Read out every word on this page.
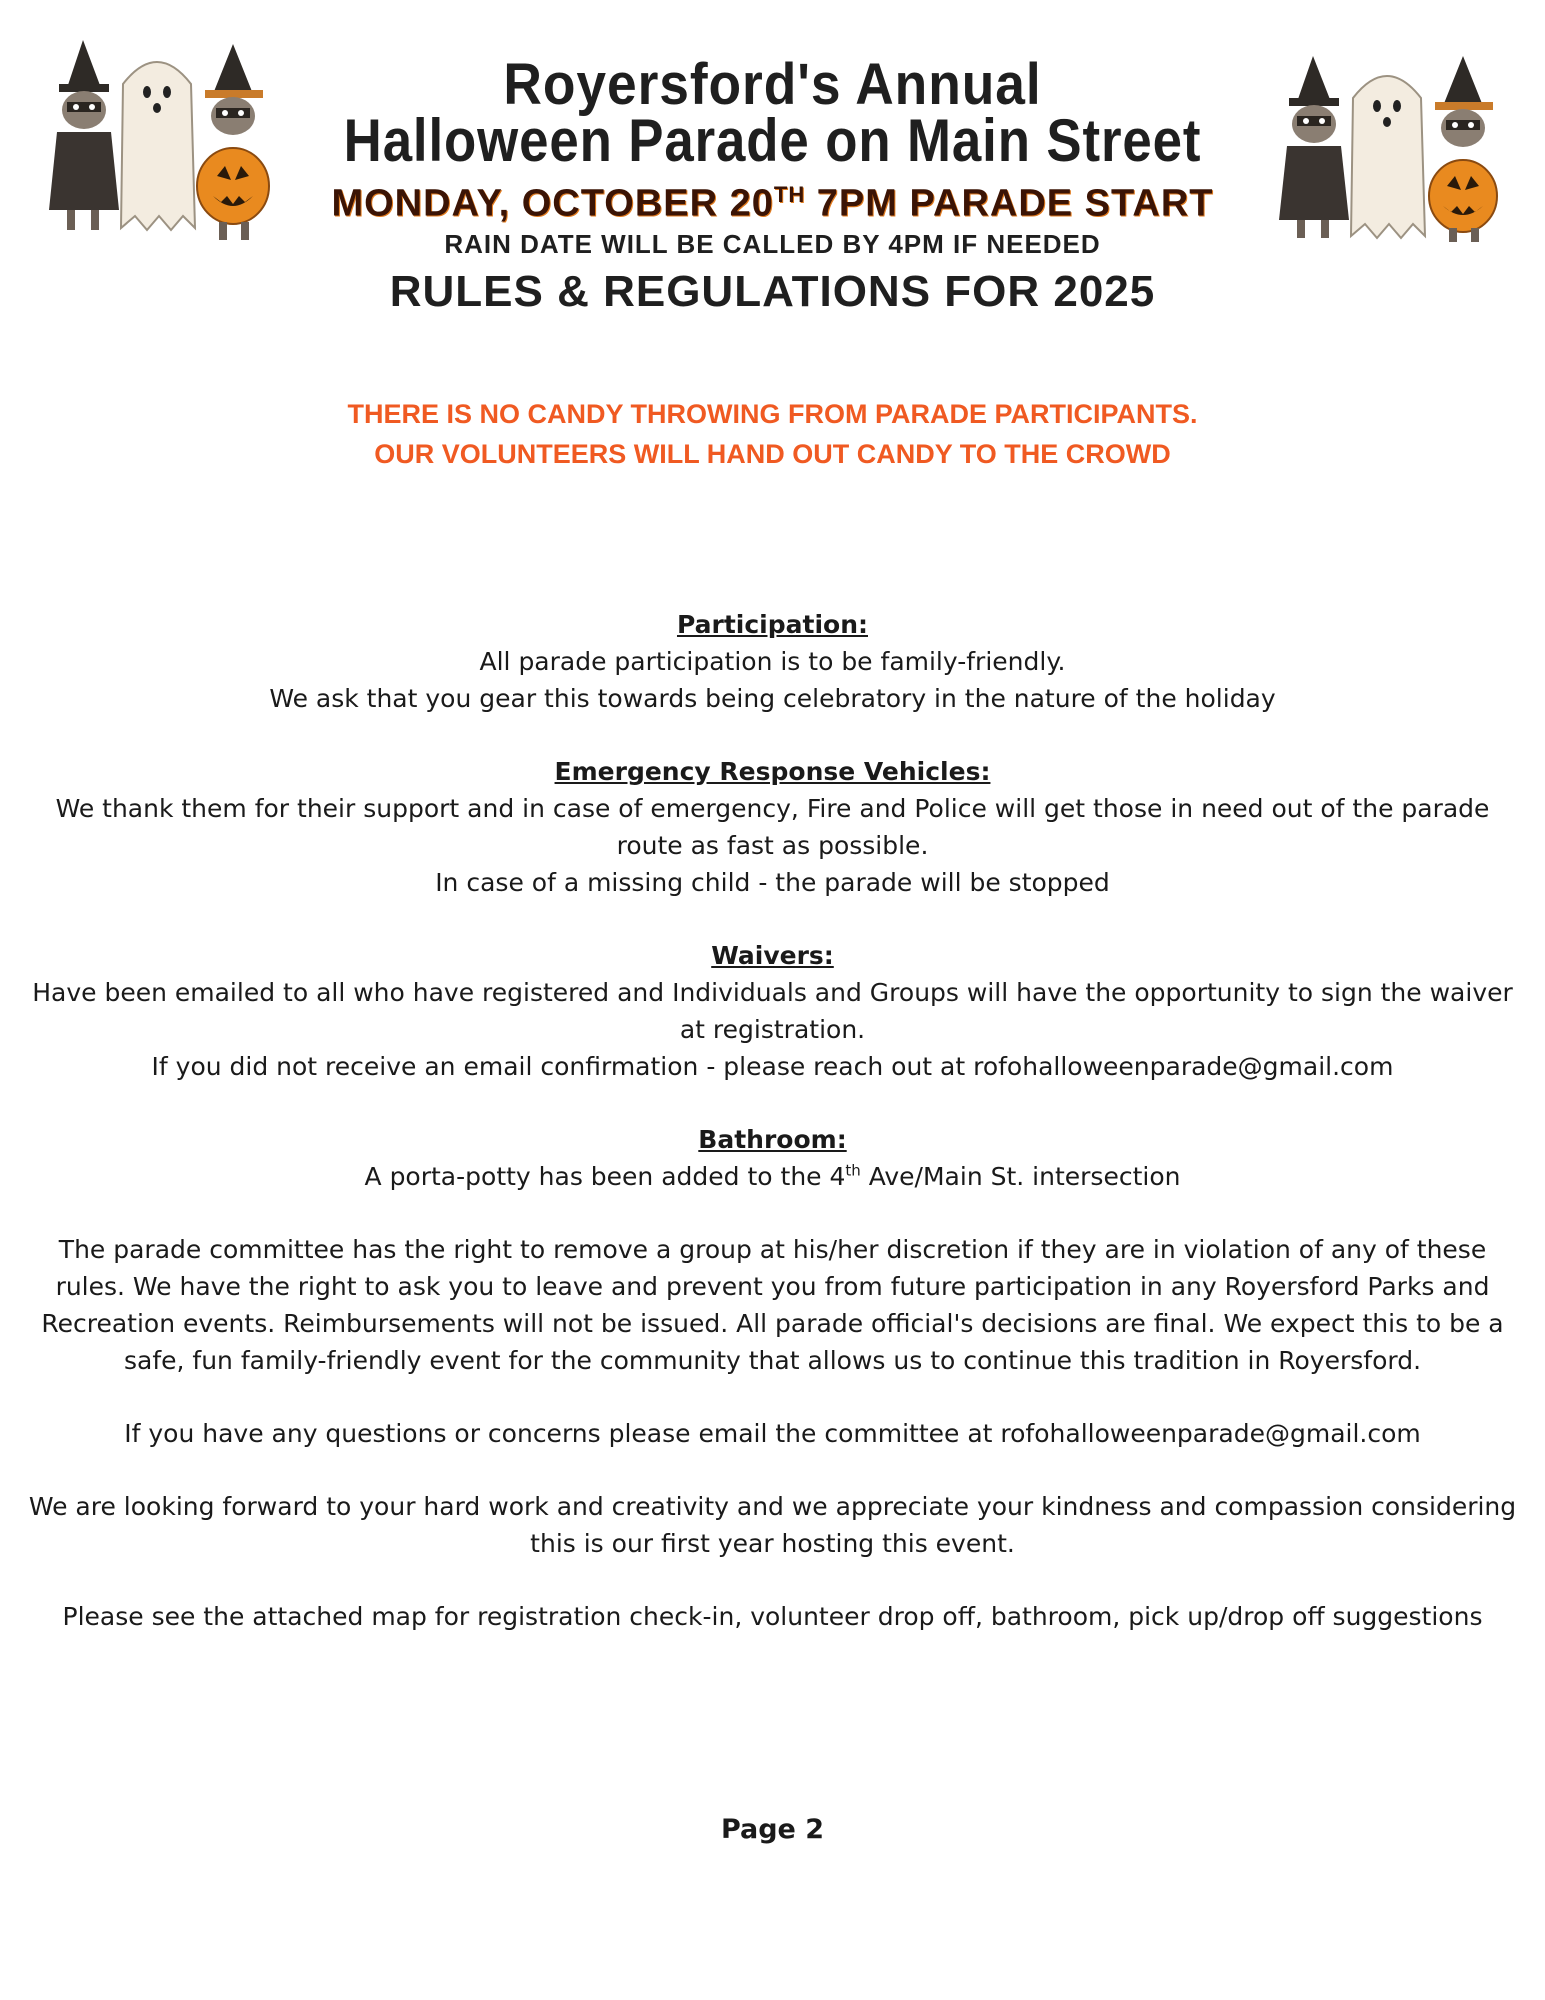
Royersford's Annual
Halloween Parade on Main Street
MONDAY, OCTOBER 20TH 7PM PARADE START
RAIN DATE WILL BE CALLED BY 4PM IF NEEDED
RULES & REGULATIONS FOR 2025
THERE IS NO CANDY THROWING FROM PARADE PARTICIPANTS.
OUR VOLUNTEERS WILL HAND OUT CANDY TO THE CROWD
Participation:
All parade participation is to be family-friendly.
We ask that you gear this towards being celebratory in the nature of the holiday
Emergency Response Vehicles:
We thank them for their support and in case of emergency, Fire and Police will get those in need out of the parade route as fast as possible.
In case of a missing child - the parade will be stopped
Waivers:
Have been emailed to all who have registered and Individuals and Groups will have the opportunity to sign the waiver at registration.
If you did not receive an email confirmation - please reach out at rofohalloweenparade@gmail.com
Bathroom:
A porta-potty has been added to the 4th Ave/Main St. intersection
The parade committee has the right to remove a group at his/her discretion if they are in violation of any of these rules. We have the right to ask you to leave and prevent you from future participation in any Royersford Parks and Recreation events. Reimbursements will not be issued. All parade official's decisions are final. We expect this to be a safe, fun family-friendly event for the community that allows us to continue this tradition in Royersford.
If you have any questions or concerns please email the committee at rofohalloweenparade@gmail.com
We are looking forward to your hard work and creativity and we appreciate your kindness and compassion considering this is our first year hosting this event.
Please see the attached map for registration check-in, volunteer drop off, bathroom, pick up/drop off suggestions
Page 2
